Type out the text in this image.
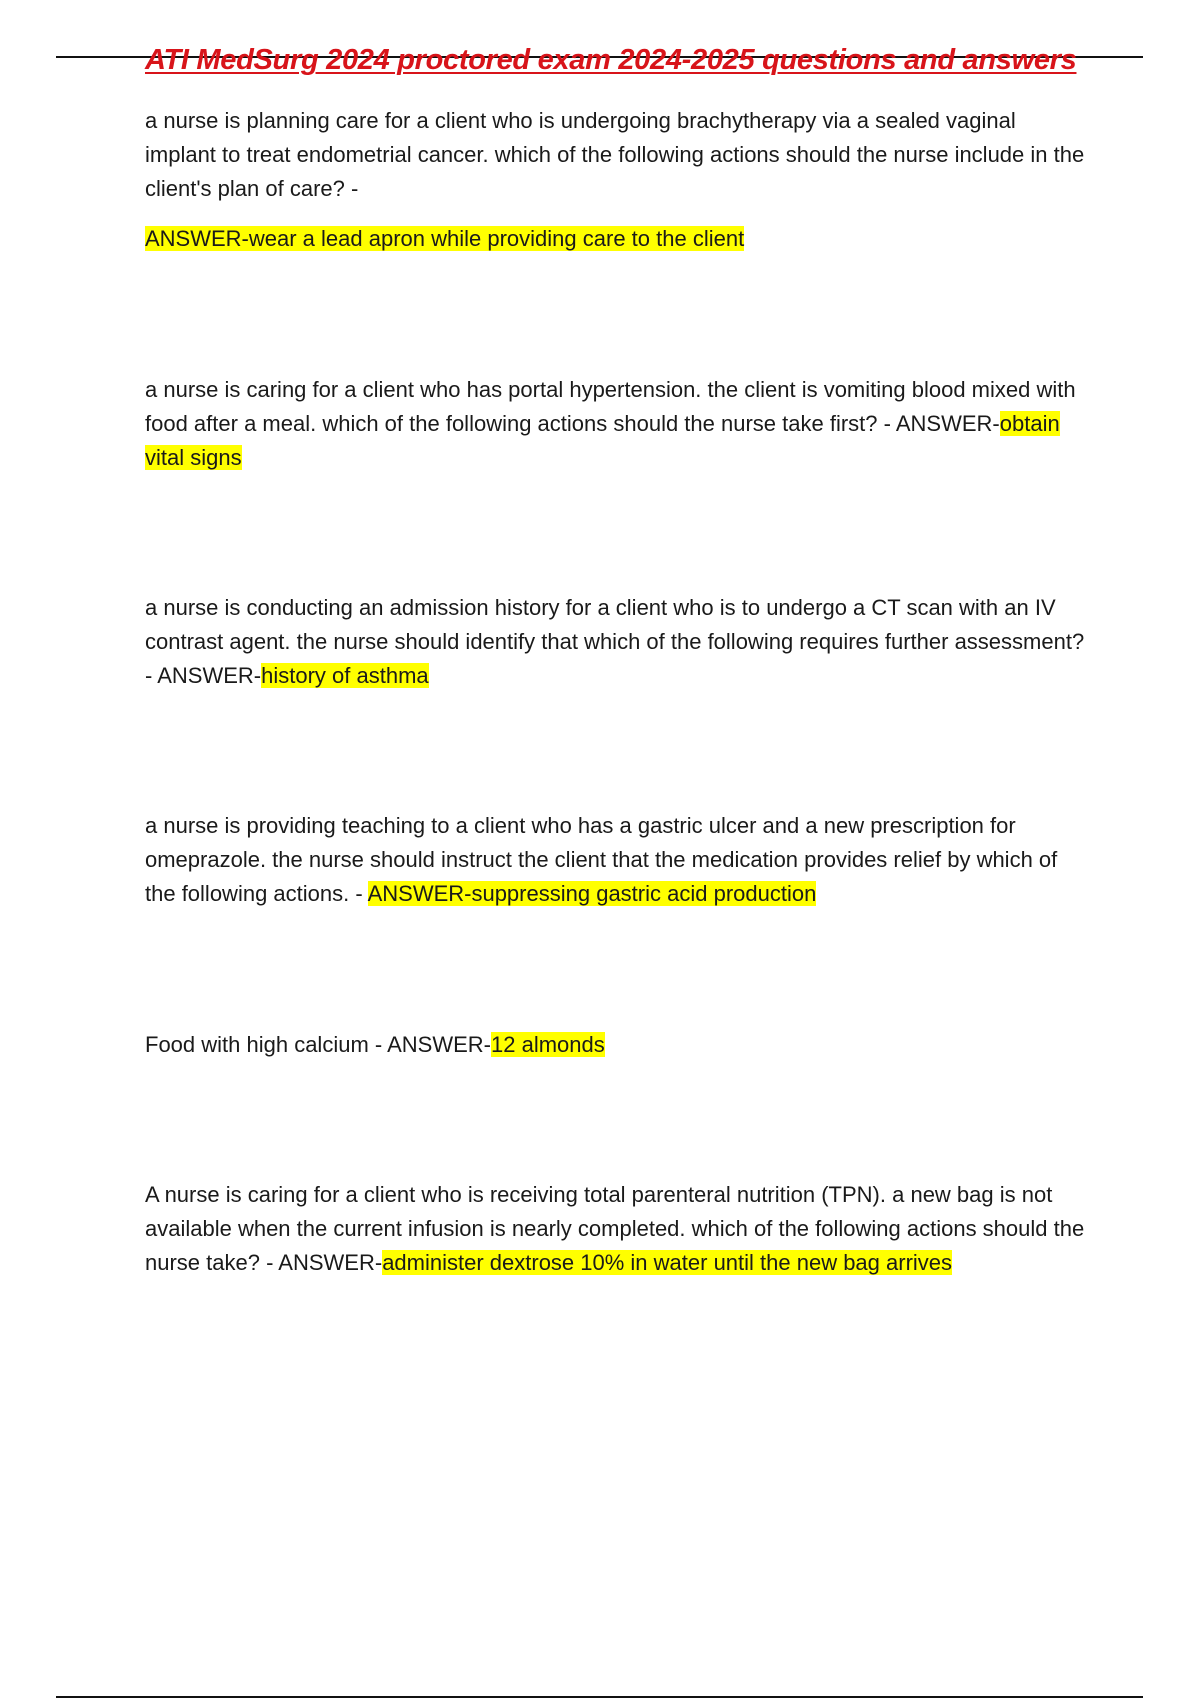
ATI MedSurg 2024 proctored exam 2024-2025 questions and answers

a nurse is planning care for a client who is undergoing brachytherapy via a sealed vaginal implant to treat endometrial cancer. which of the following actions should the nurse include in the client's plan of care? -

ANSWER-wear a lead apron while providing care to the client

a nurse is caring for a client who has portal hypertension. the client is vomiting blood mixed with food after a meal. which of the following actions should the nurse take first? - ANSWER-obtain vital signs

a nurse is conducting an admission history for a client who is to undergo a CT scan with an IV contrast agent. the nurse should identify that which of the following requires further assessment? - ANSWER-history of asthma

a nurse is providing teaching to a client who has a gastric ulcer and a new prescription for omeprazole. the nurse should instruct the client that the medication provides relief by which of the following actions. - ANSWER-suppressing gastric acid production

Food with high calcium - ANSWER-12 almonds

A nurse is caring for a client who is receiving total parenteral nutrition (TPN). a new bag is not available when the current infusion is nearly completed. which of the following actions should the nurse take? - ANSWER-administer dextrose 10% in water until the new bag arrives
